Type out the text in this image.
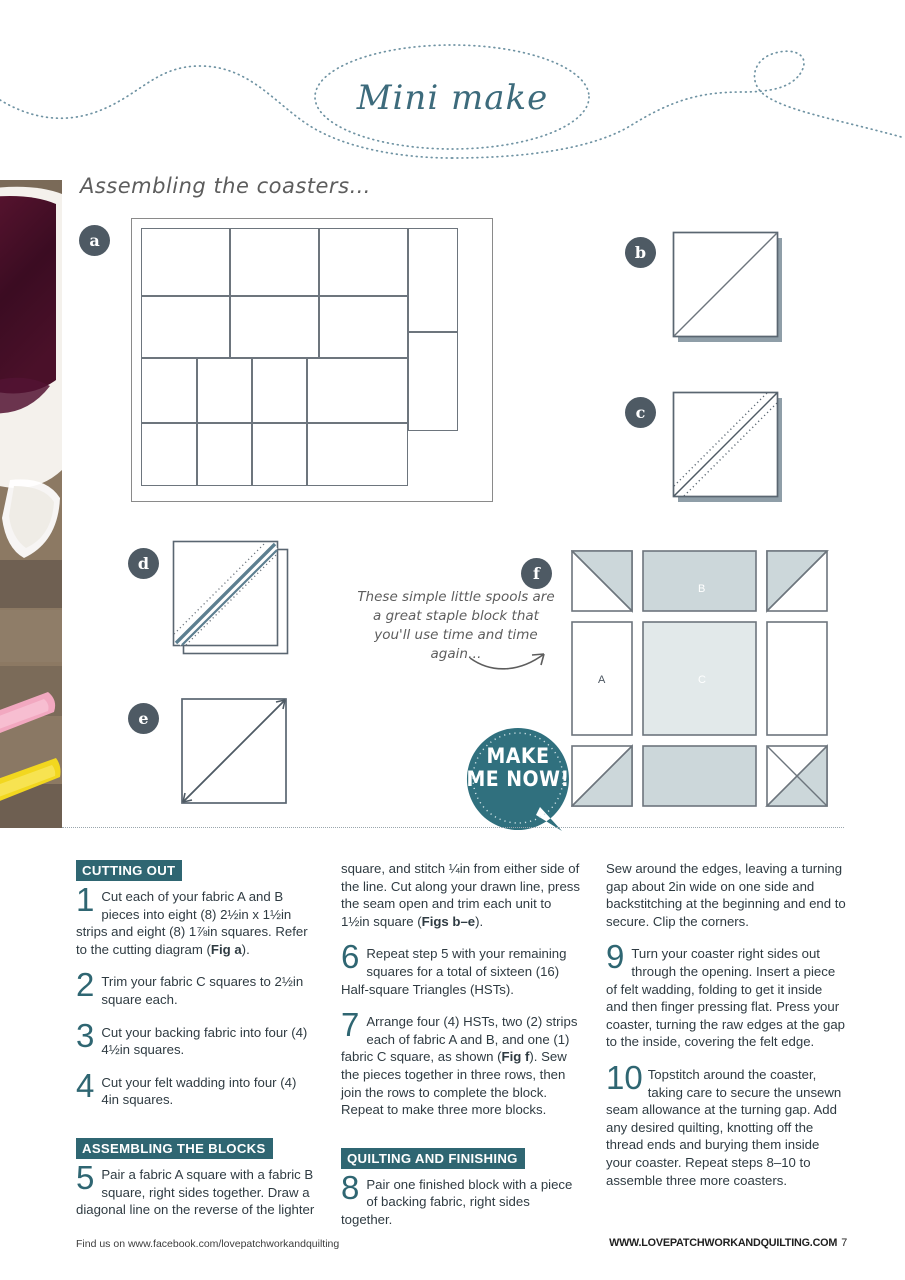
Mini make
Assembling the coasters…
a
b
c
d
e
These simple little spools are a great staple block that you'll use time and time again…
f
A
B
C
MAKE
ME NOW!
CUTTING OUT
1 Cut each of your fabric A and B pieces into eight (8) 2½in x 1½in strips and eight (8) 1⅞in squares. Refer to the cutting diagram (Fig a).
2 Trim your fabric C squares to 2½in square each.
3 Cut your backing fabric into four (4) 4½in squares.
4 Cut your felt wadding into four (4) 4in squares.
ASSEMBLING THE BLOCKS
5 Pair a fabric A square with a fabric B square, right sides together. Draw a diagonal line on the reverse of the lighter
square, and stitch ¼in from either side of the line. Cut along your drawn line, press the seam open and trim each unit to 1½in square (Figs b–e).
6 Repeat step 5 with your remaining squares for a total of sixteen (16) Half-square Triangles (HSTs).
7 Arrange four (4) HSTs, two (2) strips each of fabric A and B, and one (1) fabric C square, as shown (Fig f). Sew the pieces together in three rows, then join the rows to complete the block. Repeat to make three more blocks.
QUILTING AND FINISHING
8 Pair one finished block with a piece of backing fabric, right sides together.
Sew around the edges, leaving a turning gap about 2in wide on one side and backstitching at the beginning and end to secure. Clip the corners.
9 Turn your coaster right sides out through the opening. Insert a piece of felt wadding, folding to get it inside and then finger pressing flat. Press your coaster, turning the raw edges at the gap to the inside, covering the felt edge.
10 Topstitch around the coaster, taking care to secure the unsewn seam allowance at the turning gap. Add any desired quilting, knotting off the thread ends and burying them inside your coaster. Repeat steps 8–10 to assemble three more coasters.
Find us on www.facebook.com/lovepatchworkandquilting	WWW.LOVEPATCHWORKANDQUILTING.COM 7
